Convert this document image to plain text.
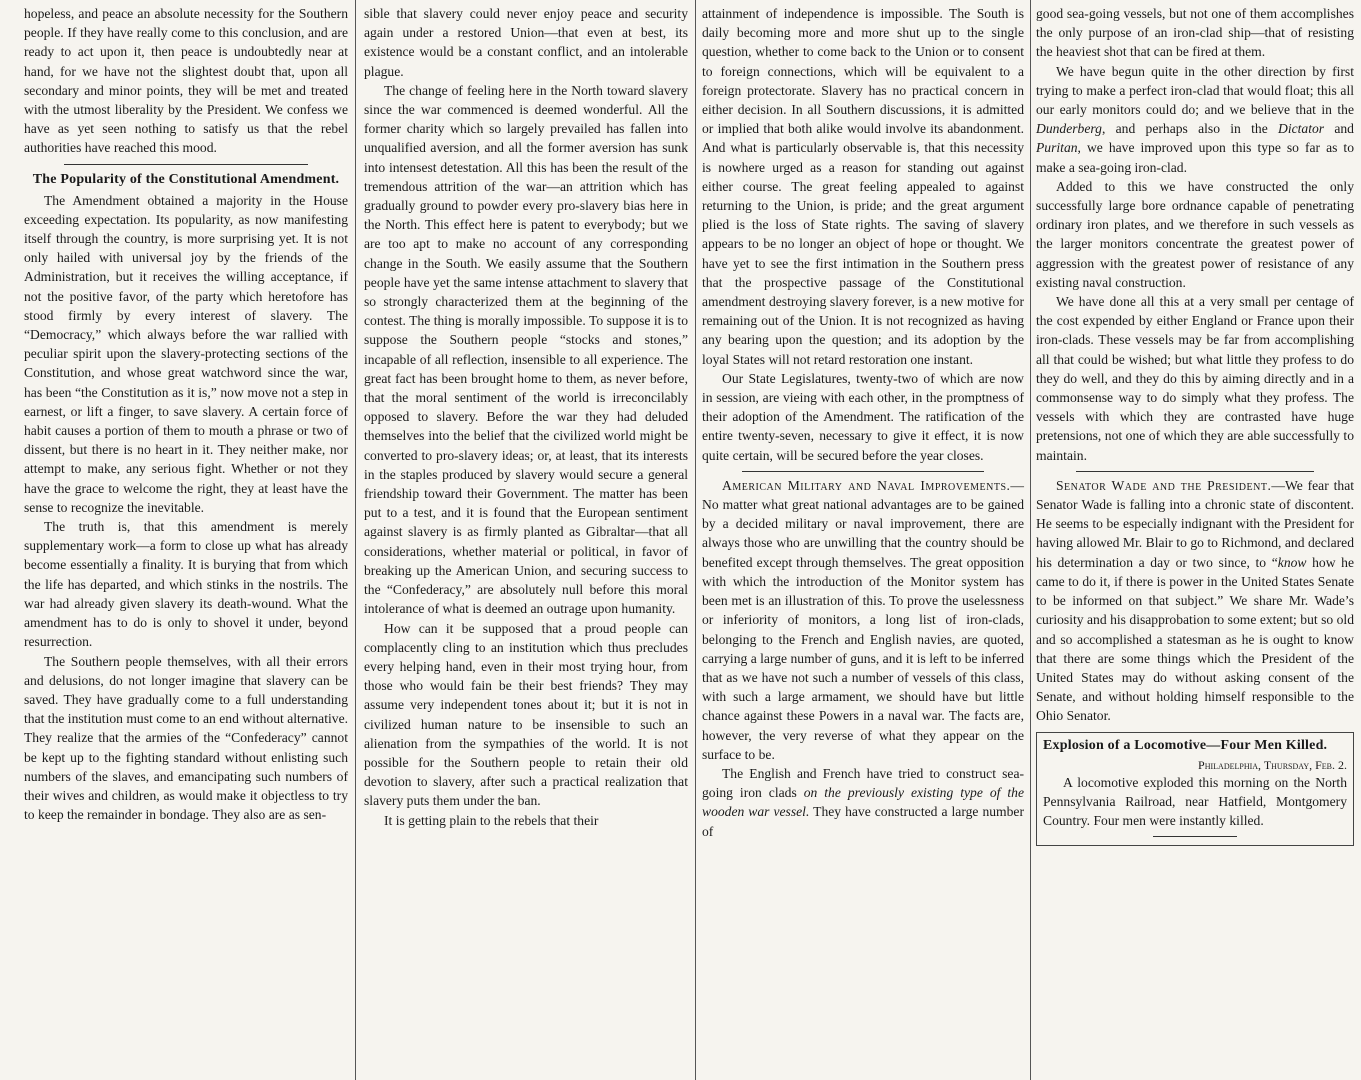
hopeless, and peace an absolute necessity for the Southern people. If they have really come to this conclusion, and are ready to act upon it, then peace is undoubtedly near at hand, for we have not the slightest doubt that, upon all secondary and minor points, they will be met and treated with the utmost liberality by the President. We confess we have as yet seen nothing to satisfy us that the rebel authorities have reached this mood.

The Popularity of the Constitutional Amendment.

The Amendment obtained a majority in the House exceeding expectation. Its popularity, as now manifesting itself through the country, is more surprising yet. It is not only hailed with universal joy by the friends of the Administration, but it receives the willing acceptance, if not the positive favor, of the party which heretofore has stood firmly by every interest of slavery. The “Democracy,” which always before the war rallied with peculiar spirit upon the slavery-protecting sections of the Constitution, and whose great watchword since the war, has been “the Constitution as it is,” now move not a step in earnest, or lift a finger, to save slavery. A certain force of habit causes a portion of them to mouth a phrase or two of dissent, but there is no heart in it. They neither make, nor attempt to make, any serious fight. Whether or not they have the grace to welcome the right, they at least have the sense to recognize the inevitable.

The truth is, that this amendment is merely supplementary work—a form to close up what has already become essentially a finality. It is burying that from which the life has departed, and which stinks in the nostrils. The war had already given slavery its death-wound. What the amendment has to do is only to shovel it under, beyond resurrection.

The Southern people themselves, with all their errors and delusions, do not longer imagine that slavery can be saved. They have gradually come to a full understanding that the institution must come to an end without alternative. They realize that the armies of the “Confederacy” cannot be kept up to the fighting standard without enlisting such numbers of the slaves, and emancipating such numbers of their wives and children, as would make it objectless to try to keep the remainder in bondage. They also are as sen-

sible that slavery could never enjoy peace and security again under a restored Union—that even at best, its existence would be a constant conflict, and an intolerable plague.

The change of feeling here in the North toward slavery since the war commenced is deemed wonderful. All the former charity which so largely prevailed has fallen into unqualified aversion, and all the former aversion has sunk into intensest detestation. All this has been the result of the tremendous attrition of the war—an attrition which has gradually ground to powder every pro-slavery bias here in the North. This effect here is patent to everybody; but we are too apt to make no account of any corresponding change in the South. We easily assume that the Southern people have yet the same intense attachment to slavery that so strongly characterized them at the beginning of the contest. The thing is morally impossible. To suppose it is to suppose the Southern people “stocks and stones,” incapable of all reflection, insensible to all experience. The great fact has been brought home to them, as never before, that the moral sentiment of the world is irreconcilably opposed to slavery. Before the war they had deluded themselves into the belief that the civilized world might be converted to pro-slavery ideas; or, at least, that its interests in the staples produced by slavery would secure a general friendship toward their Government. The matter has been put to a test, and it is found that the European sentiment against slavery is as firmly planted as Gibraltar—that all considerations, whether material or political, in favor of breaking up the American Union, and securing success to the “Confederacy,” are absolutely null before this moral intolerance of what is deemed an outrage upon humanity.

How can it be supposed that a proud people can complacently cling to an institution which thus precludes every helping hand, even in their most trying hour, from those who would fain be their best friends? They may assume very independent tones about it; but it is not in civilized human nature to be insensible to such an alienation from the sympathies of the world. It is not possible for the Southern people to retain their old devotion to slavery, after such a practical realization that slavery puts them under the ban.

It is getting plain to the rebels that their

attainment of independence is impossible. The South is daily becoming more and more shut up to the single question, whether to come back to the Union or to consent to foreign connections, which will be equivalent to a foreign protectorate. Slavery has no practical concern in either decision. In all Southern discussions, it is admitted or implied that both alike would involve its abandonment. And what is particularly observable is, that this necessity is nowhere urged as a reason for standing out against either course. The great feeling appealed to against returning to the Union, is pride; and the great argument plied is the loss of State rights. The saving of slavery appears to be no longer an object of hope or thought. We have yet to see the first intimation in the Southern press that the prospective passage of the Constitutional amendment destroying slavery forever, is a new motive for remaining out of the Union. It is not recognized as having any bearing upon the question; and its adoption by the loyal States will not retard restoration one instant.

Our State Legislatures, twenty-two of which are now in session, are vieing with each other, in the promptness of their adoption of the Amendment. The ratification of the entire twenty-seven, necessary to give it effect, it is now quite certain, will be secured before the year closes.

American Military and Naval Improvements.—No matter what great national advantages are to be gained by a decided military or naval improvement, there are always those who are unwilling that the country should be benefited except through themselves. The great opposition with which the introduction of the Monitor system has been met is an illustration of this. To prove the uselessness or inferiority of monitors, a long list of iron-clads, belonging to the French and English navies, are quoted, carrying a large number of guns, and it is left to be inferred that as we have not such a number of vessels of this class, with such a large armament, we should have but little chance against these Powers in a naval war. The facts are, however, the very reverse of what they appear on the surface to be.

The English and French have tried to construct sea-going iron clads on the previously existing type of the wooden war vessel. They have constructed a large number of

good sea-going vessels, but not one of them accomplishes the only purpose of an iron-clad ship—that of resisting the heaviest shot that can be fired at them.

We have begun quite in the other direction by first trying to make a perfect iron-clad that would float; this all our early monitors could do; and we believe that in the Dunderberg, and perhaps also in the Dictator and Puritan, we have improved upon this type so far as to make a sea-going iron-clad.

Added to this we have constructed the only successfully large bore ordnance capable of penetrating ordinary iron plates, and we therefore in such vessels as the larger monitors concentrate the greatest power of aggression with the greatest power of resistance of any existing naval construction.

We have done all this at a very small per centage of the cost expended by either England or France upon their iron-clads. These vessels may be far from accomplishing all that could be wished; but what little they profess to do they do well, and they do this by aiming directly and in a commonsense way to do simply what they profess. The vessels with which they are contrasted have huge pretensions, not one of which they are able successfully to maintain.

Senator Wade and the President.—We fear that Senator Wade is falling into a chronic state of discontent. He seems to be especially indignant with the President for having allowed Mr. Blair to go to Richmond, and declared his determination a day or two since, to “know how he came to do it, if there is power in the United States Senate to be informed on that subject.” We share Mr. Wade’s curiosity and his disapprobation to some extent; but so old and so accomplished a statesman as he is ought to know that there are some things which the President of the United States may do without asking consent of the Senate, and without holding himself responsible to the Ohio Senator.

Explosion of a Locomotive—Four Men Killed.
Philadelphia, Thursday, Feb. 2.

A locomotive exploded this morning on the North Pennsylvania Railroad, near Hatfield, Montgomery Country. Four men were instantly killed.
